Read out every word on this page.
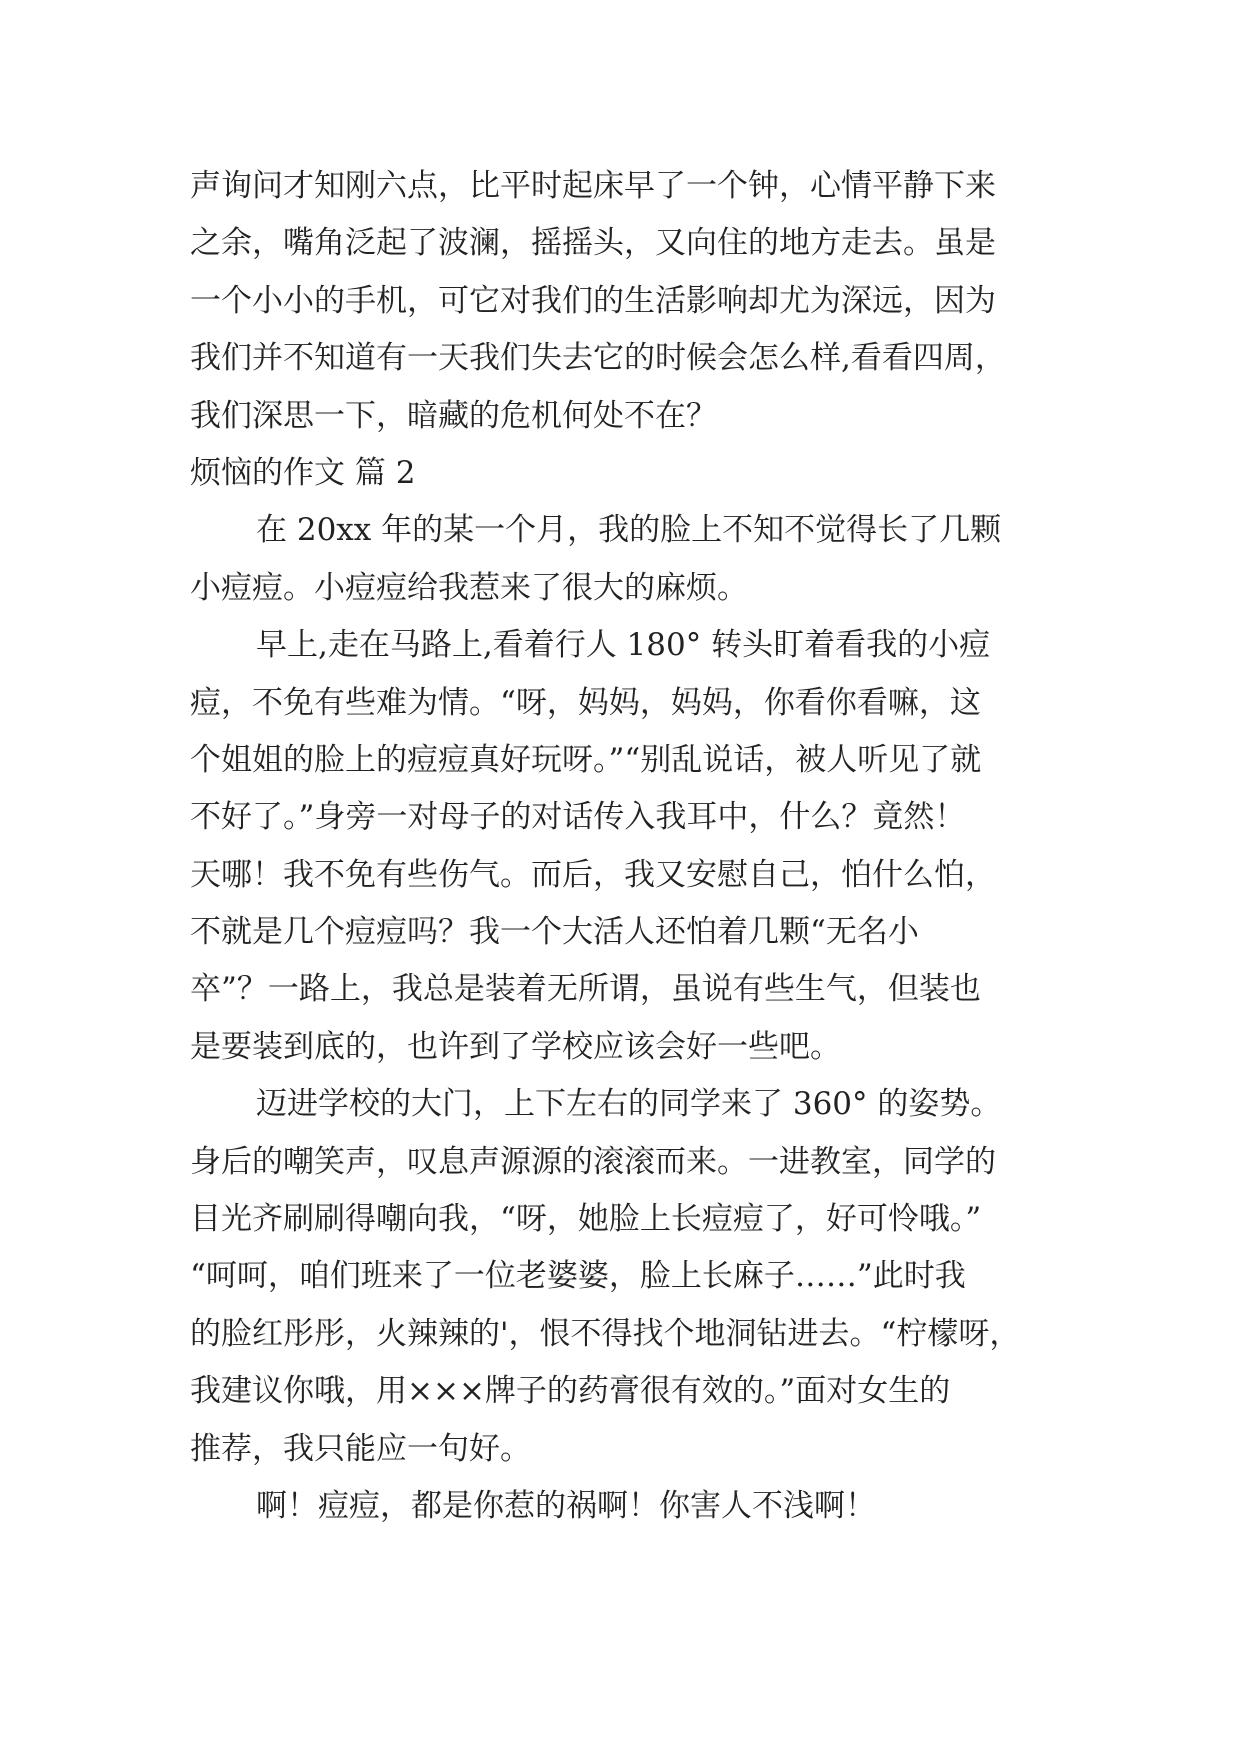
声询问才知刚六点，比平时起床早了一个钟，心情平静下来
之余，嘴角泛起了波澜，摇摇头，又向住的地方走去。虽是
一个小小的手机，可它对我们的生活影响却尤为深远，因为
我们并不知道有一天我们失去它的时候会怎么样,看看四周，
我们深思一下，暗藏的危机何处不在？
烦恼的作文 篇 2
在 20xx 年的某一个月，我的脸上不知不觉得长了几颗
小痘痘。小痘痘给我惹来了很大的麻烦。
早上,走在马路上,看着行人 180° 转头盯着看我的小痘
痘，不免有些难为情。“呀，妈妈，妈妈，你看你看嘛，这
个姐姐的脸上的痘痘真好玩呀。”“别乱说话，被人听见了就
不好了。”身旁一对母子的对话传入我耳中，什么？竟然！
天哪！我不免有些伤气。而后，我又安慰自己，怕什么怕，
不就是几个痘痘吗？我一个大活人还怕着几颗“无名小
卒”？一路上，我总是装着无所谓，虽说有些生气，但装也
是要装到底的，也许到了学校应该会好一些吧。
迈进学校的大门，上下左右的同学来了 360° 的姿势。
身后的嘲笑声，叹息声源源的滚滚而来。一进教室，同学的
目光齐刷刷得嘲向我，“呀，她脸上长痘痘了，好可怜哦。”
“呵呵，咱们班来了一位老婆婆，脸上长麻子……”此时我
的脸红彤彤，火辣辣的'，恨不得找个地洞钻进去。“柠檬呀，
我建议你哦，用×××牌子的药膏很有效的。”面对女生的
推荐，我只能应一句好。
啊！痘痘，都是你惹的祸啊！你害人不浅啊！
